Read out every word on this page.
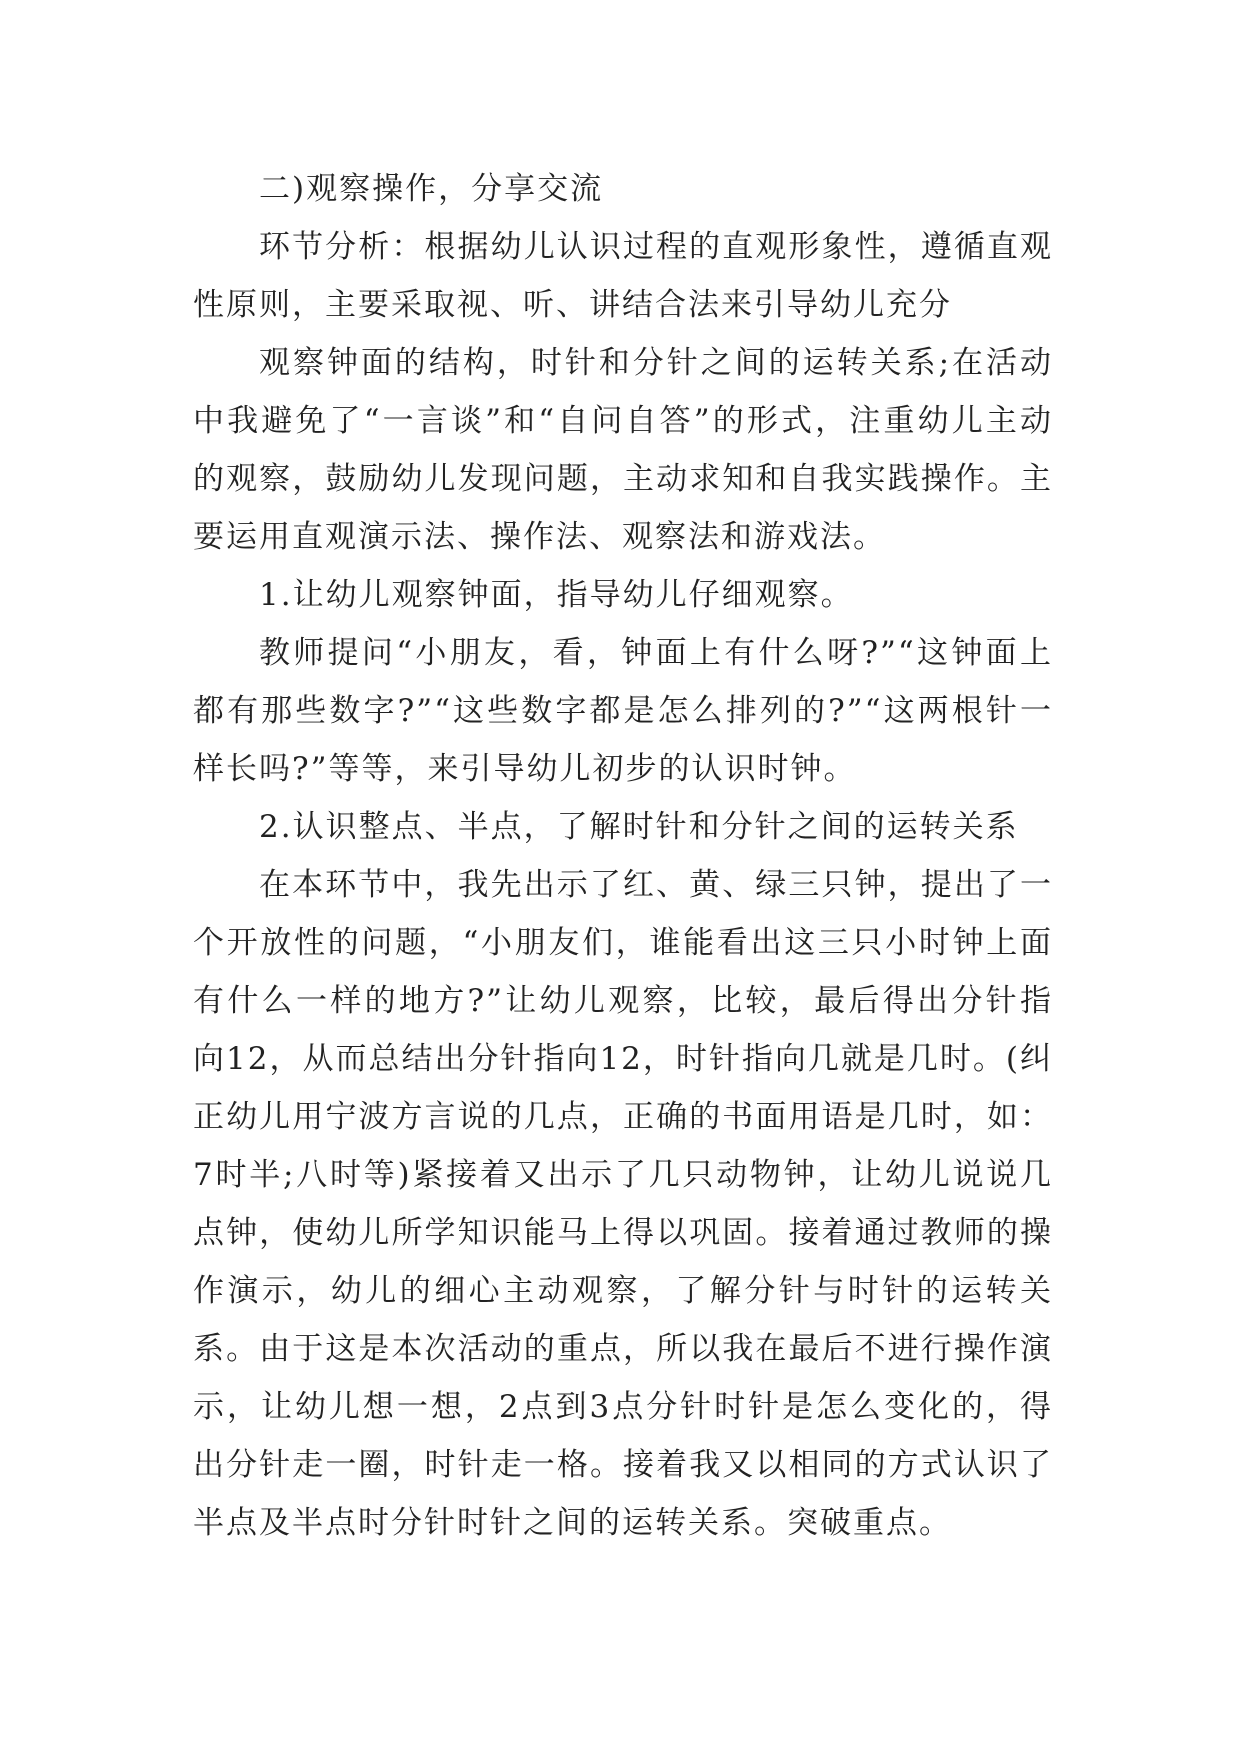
二)观察操作，分享交流

环节分析：根据幼儿认识过程的直观形象性，遵循直观性原则，主要采取视、听、讲结合法来引导幼儿充分

观察钟面的结构，时针和分针之间的运转关系;在活动中我避免了“一言谈”和“自问自答”的形式，注重幼儿主动的观察，鼓励幼儿发现问题，主动求知和自我实践操作。主要运用直观演示法、操作法、观察法和游戏法。

1.让幼儿观察钟面，指导幼儿仔细观察。

教师提问“小朋友，看，钟面上有什么呀?”“这钟面上都有那些数字?”“这些数字都是怎么排列的?”“这两根针一样长吗?”等等，来引导幼儿初步的认识时钟。

2.认识整点、半点，了解时针和分针之间的运转关系

在本环节中，我先出示了红、黄、绿三只钟，提出了一个开放性的问题，“小朋友们，谁能看出这三只小时钟上面有什么一样的地方?”让幼儿观察，比较，最后得出分针指向12，从而总结出分针指向12，时针指向几就是几时。(纠正幼儿用宁波方言说的几点，正确的书面用语是几时，如：7时半;八时等)紧接着又出示了几只动物钟，让幼儿说说几点钟，使幼儿所学知识能马上得以巩固。接着通过教师的操作演示，幼儿的细心主动观察，了解分针与时针的运转关系。由于这是本次活动的重点，所以我在最后不进行操作演示，让幼儿想一想，2点到3点分针时针是怎么变化的，得出分针走一圈，时针走一格。接着我又以相同的方式认识了半点及半点时分针时针之间的运转关系。突破重点。
